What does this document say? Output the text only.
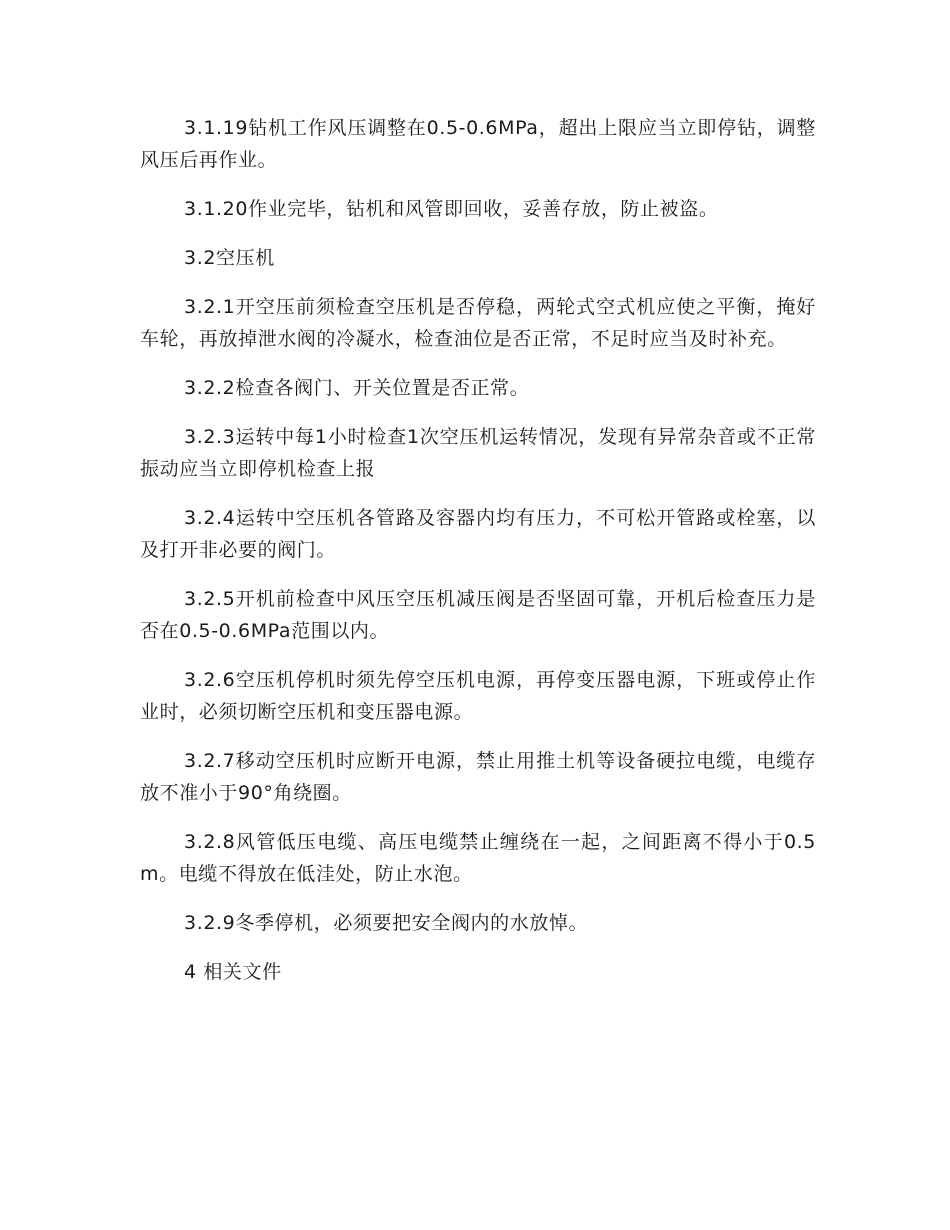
3.1.19钻机工作风压调整在0.5-0.6MPa，超出上限应当立即停钻，调整风压后再作业。

3.1.20作业完毕，钻机和风管即回收，妥善存放，防止被盗。

3.2空压机

3.2.1开空压前须检查空压机是否停稳，两轮式空式机应使之平衡，掩好车轮，再放掉泄水阀的冷凝水，检查油位是否正常，不足时应当及时补充。

3.2.2检查各阀门、开关位置是否正常。

3.2.3运转中每1小时检查1次空压机运转情况，发现有异常杂音或不正常振动应当立即停机检查上报

3.2.4运转中空压机各管路及容器内均有压力，不可松开管路或栓塞，以及打开非必要的阀门。

3.2.5开机前检查中风压空压机减压阀是否坚固可靠，开机后检查压力是否在0.5-0.6MPa范围以内。

3.2.6空压机停机时须先停空压机电源，再停变压器电源，下班或停止作业时，必须切断空压机和变压器电源。

3.2.7移动空压机时应断开电源，禁止用推土机等设备硬拉电缆，电缆存放不准小于90°角绕圈。

3.2.8风管低压电缆、高压电缆禁止缠绕在一起，之间距离不得小于0.5m。电缆不得放在低洼处，防止水泡。

3.2.9冬季停机，必须要把安全阀内的水放悼。

4 相关文件
